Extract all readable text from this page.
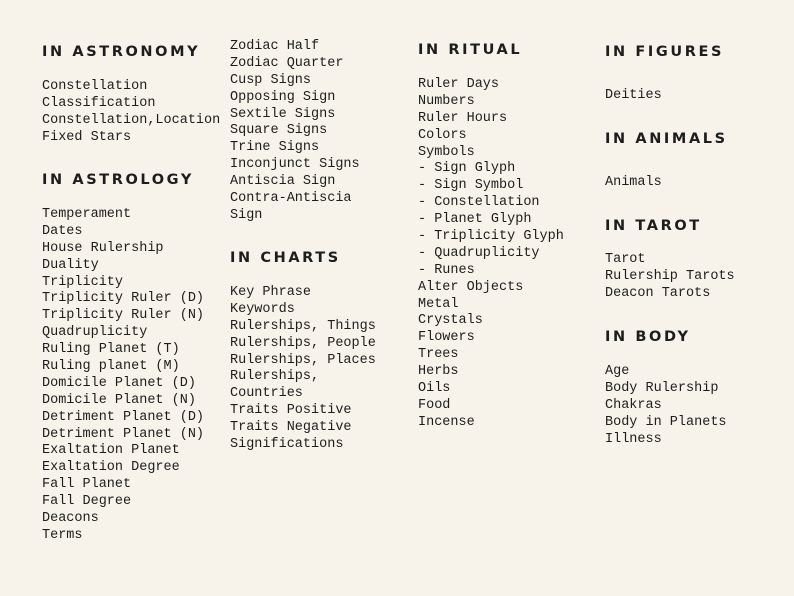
IN ASTRONOMY
Constellation
Classification
Constellation,Location
Fixed Stars
IN ASTROLOGY
Temperament
Dates
House Rulership
Duality
Triplicity
Triplicity Ruler (D)
Triplicity Ruler (N)
Quadruplicity
Ruling Planet (T)
Ruling planet (M)
Domicile Planet (D)
Domicile Planet (N)
Detriment Planet (D)
Detriment Planet (N)
Exaltation Planet
Exaltation Degree
Fall Planet
Fall Degree
Deacons
Terms
Zodiac Half
Zodiac Quarter
Cusp Signs
Opposing Sign
Sextile Signs
Square Signs
Trine Signs
Inconjunct Signs
Antiscia Sign
Contra-Antiscia
Sign
IN CHARTS
Key Phrase
Keywords
Rulerships, Things
Rulerships, People
Rulerships, Places
Rulerships,
Countries
Traits Positive
Traits Negative
Significations
IN RITUAL
Ruler Days
Numbers
Ruler Hours
Colors
Symbols
- Sign Glyph
- Sign Symbol
- Constellation
- Planet Glyph
- Triplicity Glyph
- Quadruplicity
- Runes
Alter Objects
Metal
Crystals
Flowers
Trees
Herbs
Oils
Food
Incense
IN FIGURES
Deities
IN ANIMALS
Animals
IN TAROT
Tarot
Rulership Tarots
Deacon Tarots
IN BODY
Age
Body Rulership
Chakras
Body in Planets
Illness
